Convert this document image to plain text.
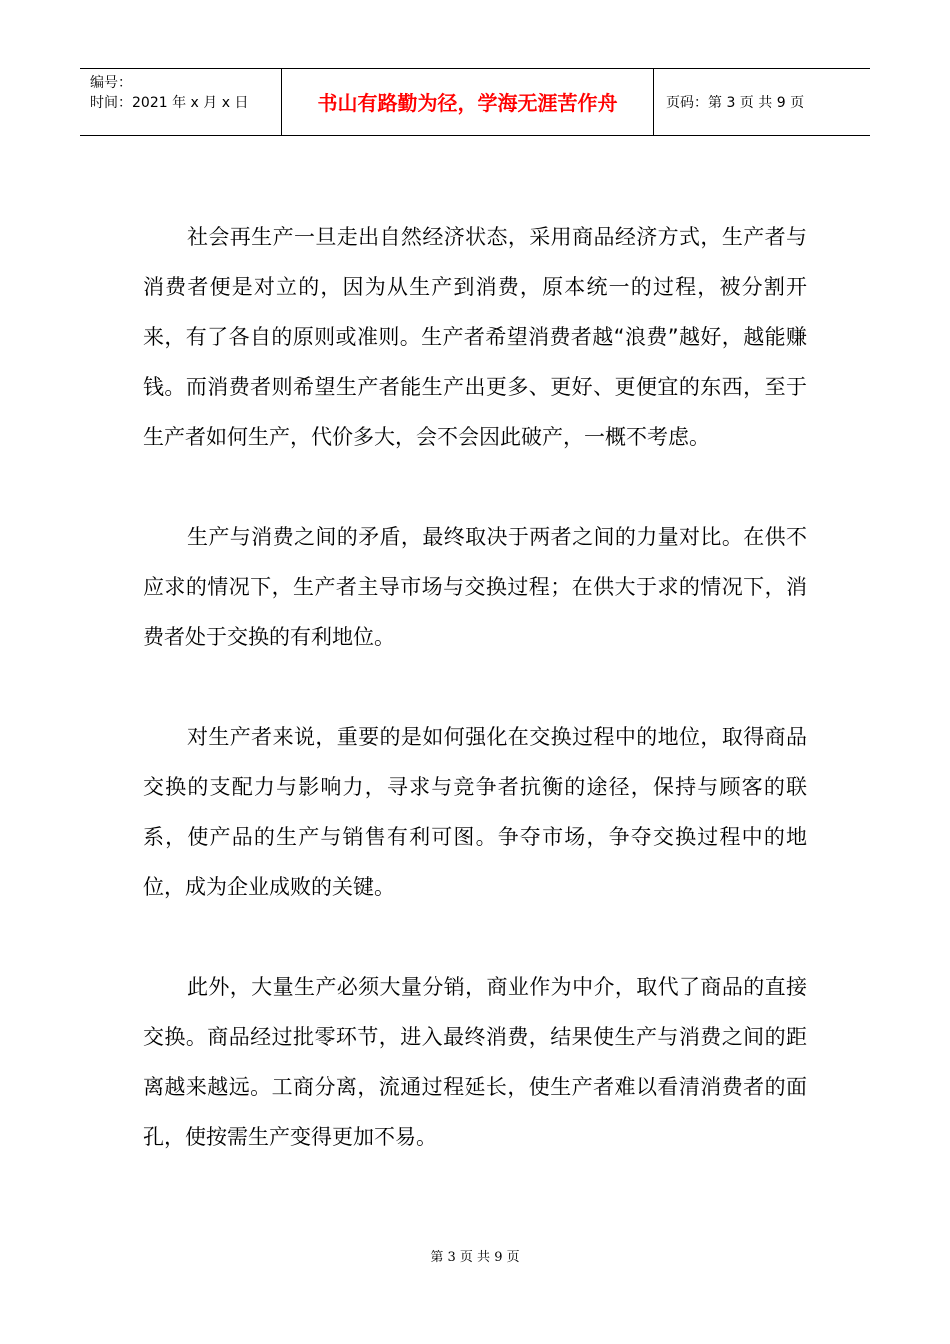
编号：
时间：2021 年 x 月 x 日	书山有路勤为径，学海无涯苦作舟	页码：第 3 页 共 9 页

社会再生产一旦走出自然经济状态，采用商品经济方式，生产者与消费者便是对立的，因为从生产到消费，原本统一的过程，被分割开来，有了各自的原则或准则。生产者希望消费者越“浪费”越好，越能赚钱。而消费者则希望生产者能生产出更多、更好、更便宜的东西，至于生产者如何生产，代价多大，会不会因此破产，一概不考虑。

生产与消费之间的矛盾，最终取决于两者之间的力量对比。在供不应求的情况下，生产者主导市场与交换过程；在供大于求的情况下，消费者处于交换的有利地位。

对生产者来说，重要的是如何强化在交换过程中的地位，取得商品交换的支配力与影响力，寻求与竞争者抗衡的途径，保持与顾客的联系，使产品的生产与销售有利可图。争夺市场，争夺交换过程中的地位，成为企业成败的关键。

此外，大量生产必须大量分销，商业作为中介，取代了商品的直接交换。商品经过批零环节，进入最终消费，结果使生产与消费之间的距离越来越远。工商分离，流通过程延长，使生产者难以看清消费者的面孔，使按需生产变得更加不易。

第 3 页 共 9 页
